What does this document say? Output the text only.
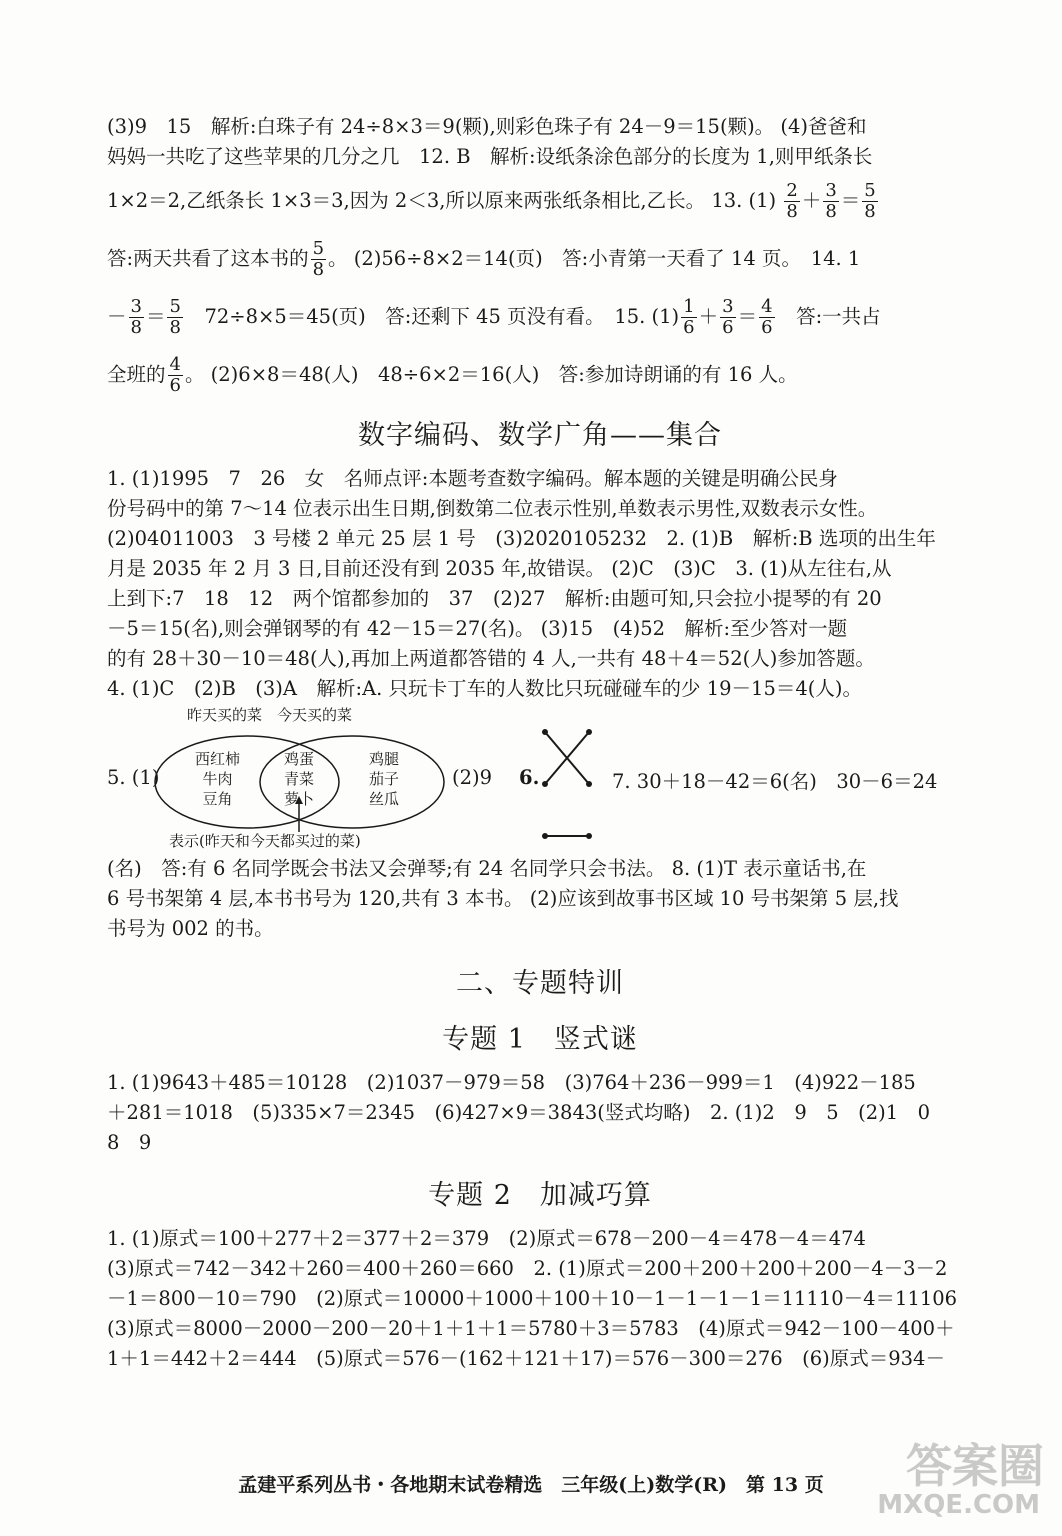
(3)9　15　解析:白珠子有 24÷8×3＝9(颗),则彩色珠子有 24－9＝15(颗)。 (4)爸爸和
妈妈一共吃了这些苹果的几分之几　12. B　解析:设纸条涂色部分的长度为 1,则甲纸条长
1×2＝2,乙纸条长 1×3＝3,因为 2＜3,所以原来两张纸条相比,乙长。 13. $(1) \frac{2}{8} + \frac{3}{8} = \frac{5}{8}$
答:两天共看了这本书的 $\frac{5}{8}$ 。 (2)56÷8×2＝14(页)　答:小青第一天看了 14 页。　14. 1
－ $\frac{3}{8} = \frac{5}{8}$
　 72÷8×5＝45(页)　答:还剩下 45 页没有看。　15. $(1) \frac{1}{6} + \frac{3}{6} = \frac{4}{6}$
　 答:一共占
全班的 $\frac{4}{6}$ 。 (2)6×8＝48(人)　48÷6×2＝16(人)　答:参加诗朗诵的有 16 人。
数字编码、数学广角——集合
1. (1)1995　7　26　女　名师点评:本题考查数字编码。解本题的关键是明确公民身
份号码中的第 7～14 位表示出生日期,倒数第二位表示性别,单数表示男性,双数表示女性。
(2)04011003　3 号楼 2 单元 25 层 1 号　(3)2020105232　2. (1)B　解析:B 选项的出生年
月是 2035 年 2 月 3 日,目前还没有到 2035 年,故错误。 (2)C　(3)C　3. (1)从左往右,从
上到下:7　18　12　两个馆都参加的　37　(2)27　解析:由题可知,只会拉小提琴的有 20
－5＝15(名),则会弹钢琴的有 42－15＝27(名)。 (3)15　(4)52　解析:至少答对一题
的有 28＋30－10＝48(人),再加上两道都答错的 4 人,一共有 48＋4＝52(人)参加答题。
4. (1)C　(2)B　(3)A　解析:A. 只玩卡丁车的人数比只玩碰碰车的少 19－15＝4(人)。
昨天买的菜　今天买的菜
5. (1)
西红柿
牛肉
豆角
鸡蛋
青菜
萝卜
鸡腿
茄子
丝瓜
表示(昨天和今天都买过的菜)
(2)9 6.	7. 30＋18－42＝6(名)　30－6＝24
(名)　答:有 6 名同学既会书法又会弹琴;有 24 名同学只会书法。 8. (1)T 表示童话书,在
6 号书架第 4 层,本书书号为 120,共有 3 本书。 (2)应该到故事书区域 10 号书架第 5 层,找
书号为 002 的书。
二、专题特训
专题 1　竖式谜
1. (1)9643＋485＝10128　(2)1037－979＝58　(3)764＋236－999＝1　(4)922－185
＋281＝1018　(5)335×7＝2345　(6)427×9＝3843(竖式均略)　2. (1)2　9　5　(2)1　0
8　9
专题 2　加减巧算
1. (1)原式＝100＋277＋2＝377＋2＝379　(2)原式＝678－200－4＝478－4＝474
(3)原式＝742－342＋260＝400＋260＝660　2. (1)原式＝200＋200＋200＋200－4－3－2
－1＝800－10＝790　(2)原式＝10000＋1000＋100＋10－1－1－1－1＝11110－4＝11106
(3)原式＝8000－2000－200－20＋1＋1＋1＝5780＋3＝5783　(4)原式＝942－100－400＋
1＋1＝442＋2＝444　(5)原式＝576－(162＋121＋17)＝576－300＝276　(6)原式＝934－
孟建平系列丛书・各地期末试卷精选　三年级(上)数学(R)　第 13 页	答案圈
MXQE.COM
